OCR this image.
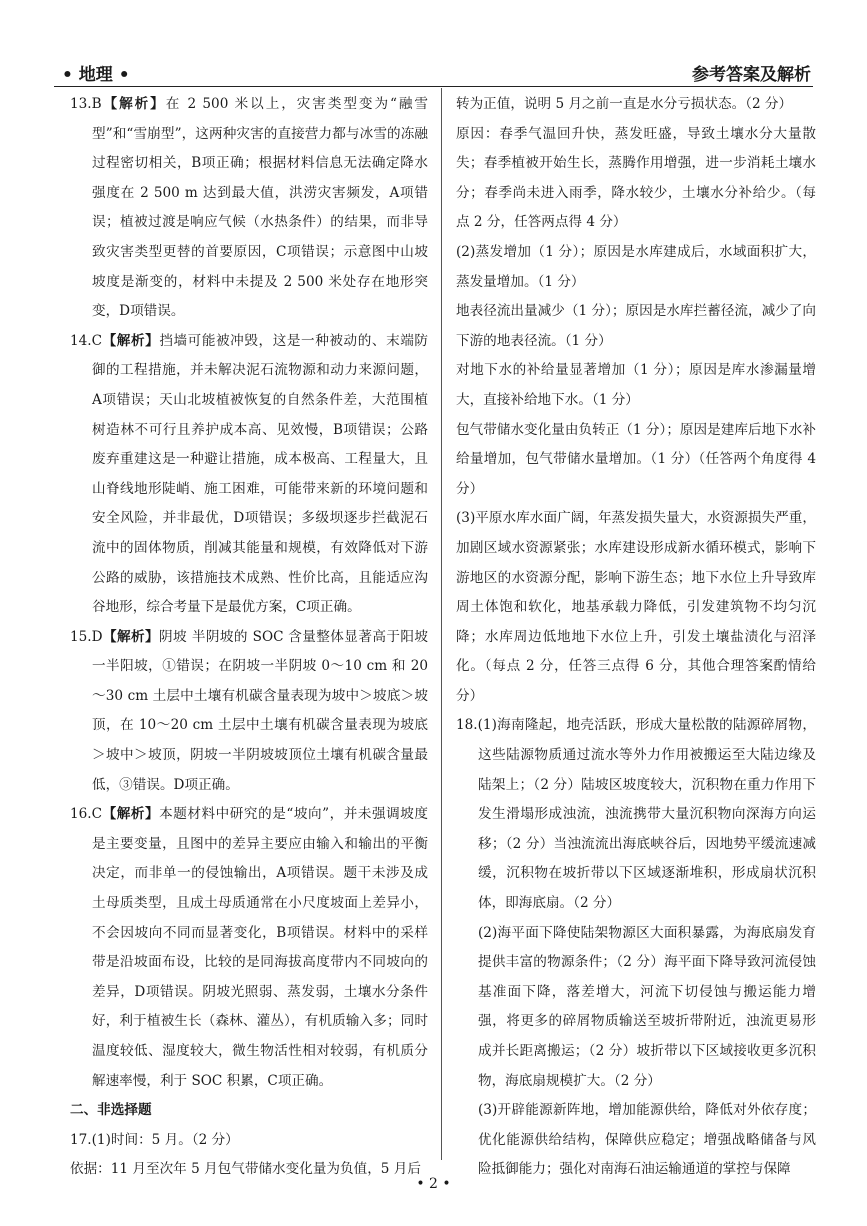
• 地理 •	参考答案及解析
13.B【解析】在 2 500 米以上，灾害类型变为“融雪型”和“雪崩型”，这两种灾害的直接营力都与冰雪的冻融过程密切相关，B项正确；根据材料信息无法确定降水强度在 2 500 m 达到最大值，洪涝灾害频发，A项错误；植被过渡是响应气候（水热条件）的结果，而非导致灾害类型更替的首要原因，C项错误；示意图中山坡坡度是渐变的，材料中未提及 2 500 米处存在地形突变，D项错误。
14.C【解析】挡墙可能被冲毁，这是一种被动的、末端防御的工程措施，并未解决泥石流物源和动力来源问题，A项错误；天山北坡植被恢复的自然条件差，大范围植树造林不可行且养护成本高、见效慢，B项错误；公路废弃重建这是一种避让措施，成本极高、工程量大，且山脊线地形陡峭、施工困难，可能带来新的环境问题和安全风险，并非最优，D项错误；多级坝逐步拦截泥石流中的固体物质，削减其能量和规模，有效降低对下游公路的威胁，该措施技术成熟、性价比高，且能适应沟谷地形，综合考量下是最优方案，C项正确。
15.D【解析】阴坡 半阴坡的 SOC 含量整体显著高于阳坡一半阳坡，①错误；在阴坡一半阴坡 0～10 cm 和 20～30 cm 土层中土壤有机碳含量表现为坡中＞坡底＞坡顶，在 10～20 cm 土层中土壤有机碳含量表现为坡底＞坡中＞坡顶，阴坡一半阴坡坡顶位土壤有机碳含量最低，③错误。D项正确。
16.C【解析】本题材料中研究的是“坡向”，并未强调坡度是主要变量，且图中的差异主要应由输入和输出的平衡决定，而非单一的侵蚀输出，A项错误。题干未涉及成土母质类型，且成土母质通常在小尺度坡面上差异小，不会因坡向不同而显著变化，B项错误。材料中的采样带是沿坡面布设，比较的是同海拔高度带内不同坡向的差异，D项错误。阴坡光照弱、蒸发弱，土壤水分条件好，利于植被生长（森林、灌丛），有机质输入多；同时温度较低、湿度较大，微生物活性相对较弱，有机质分解速率慢，利于 SOC 积累，C项正确。
二、非选择题
17.(1)时间：5 月。（2 分）

依据：11 月至次年 5 月包气带储水变化量为负值，5 月后

转为正值，说明 5 月之前一直是水分亏损状态。（2 分）

原因：春季气温回升快，蒸发旺盛，导致土壤水分大量散失；春季植被开始生长，蒸腾作用增强，进一步消耗土壤水分；春季尚未进入雨季，降水较少，土壤水分补给少。（每点 2 分，任答两点得 4 分）

(2)蒸发增加（1 分）；原因是水库建成后，水域面积扩大，蒸发量增加。（1 分）

地表径流出量减少（1 分）；原因是水库拦蓄径流，减少了向下游的地表径流。（1 分）

对地下水的补给量显著增加（1 分）；原因是库水渗漏量增大，直接补给地下水。（1 分）

包气带储水变化量由负转正（1 分）；原因是建库后地下水补给量增加，包气带储水量增加。（1 分）（任答两个角度得 4 分）

(3)平原水库水面广阔，年蒸发损失量大，水资源损失严重，加剧区域水资源紧张；水库建设形成新水循环模式，影响下游地区的水资源分配，影响下游生态；地下水位上升导致库周土体饱和软化，地基承载力降低，引发建筑物不均匀沉降；水库周边低地地下水位上升，引发土壤盐渍化与沼泽化。（每点 2 分，任答三点得 6 分，其他合理答案酌情给分）

18.(1)海南隆起，地壳活跃，形成大量松散的陆源碎屑物，这些陆源物质通过流水等外力作用被搬运至大陆边缘及陆架上；（2 分）陆坡区坡度较大，沉积物在重力作用下发生滑塌形成浊流，浊流携带大量沉积物向深海方向运移；（2 分）当浊流流出海底峡谷后，因地势平缓流速减缓，沉积物在坡折带以下区域逐渐堆积，形成扇状沉积体，即海底扇。（2 分）

(2)海平面下降使陆架物源区大面积暴露，为海底扇发育提供丰富的物源条件；（2 分）海平面下降导致河流侵蚀基准面下降，落差增大，河流下切侵蚀与搬运能力增强，将更多的碎屑物质输送至坡折带附近，浊流更易形成并长距离搬运；（2 分）坡折带以下区域接收更多沉积物，海底扇规模扩大。（2 分）

(3)开辟能源新阵地，增加能源供给，降低对外依存度；优化能源供给结构，保障供应稳定；增强战略储备与风险抵御能力；强化对南海石油运输通道的掌控与保障

• 2 •
